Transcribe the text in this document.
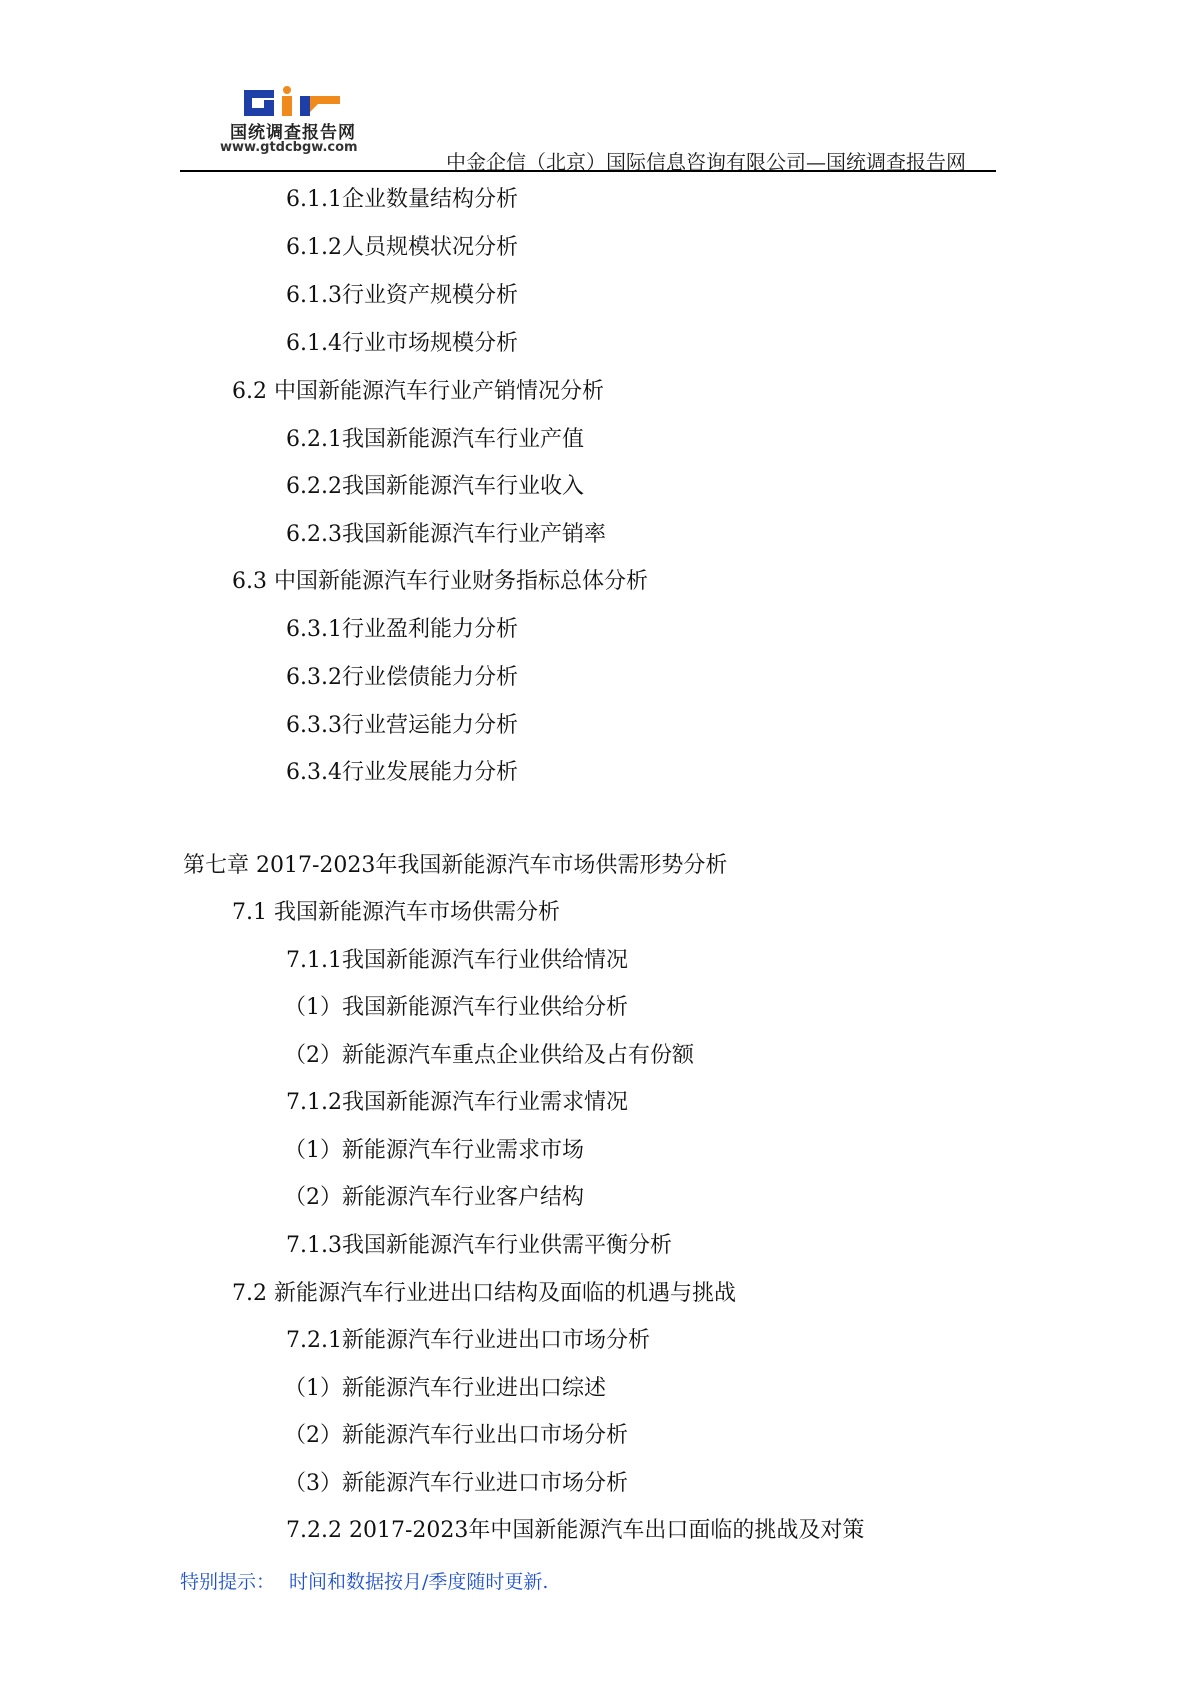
国统调查报告网
www.gtdcbgw.com
中金企信（北京）国际信息咨询有限公司—国统调查报告网
6.1.1企业数量结构分析
6.1.2人员规模状况分析
6.1.3行业资产规模分析
6.1.4行业市场规模分析
6.2 中国新能源汽车行业产销情况分析
6.2.1我国新能源汽车行业产值
6.2.2我国新能源汽车行业收入
6.2.3我国新能源汽车行业产销率
6.3 中国新能源汽车行业财务指标总体分析
6.3.1行业盈利能力分析
6.3.2行业偿债能力分析
6.3.3行业营运能力分析
6.3.4行业发展能力分析
第七章 2017-2023年我国新能源汽车市场供需形势分析
7.1 我国新能源汽车市场供需分析
7.1.1我国新能源汽车行业供给情况
（1）我国新能源汽车行业供给分析
（2）新能源汽车重点企业供给及占有份额
7.1.2我国新能源汽车行业需求情况
（1）新能源汽车行业需求市场
（2）新能源汽车行业客户结构
7.1.3我国新能源汽车行业供需平衡分析
7.2 新能源汽车行业进出口结构及面临的机遇与挑战
7.2.1新能源汽车行业进出口市场分析
（1）新能源汽车行业进出口综述
（2）新能源汽车行业出口市场分析
（3）新能源汽车行业进口市场分析
7.2.2 2017-2023年中国新能源汽车出口面临的挑战及对策
特别提示： 时间和数据按月/季度随时更新.
